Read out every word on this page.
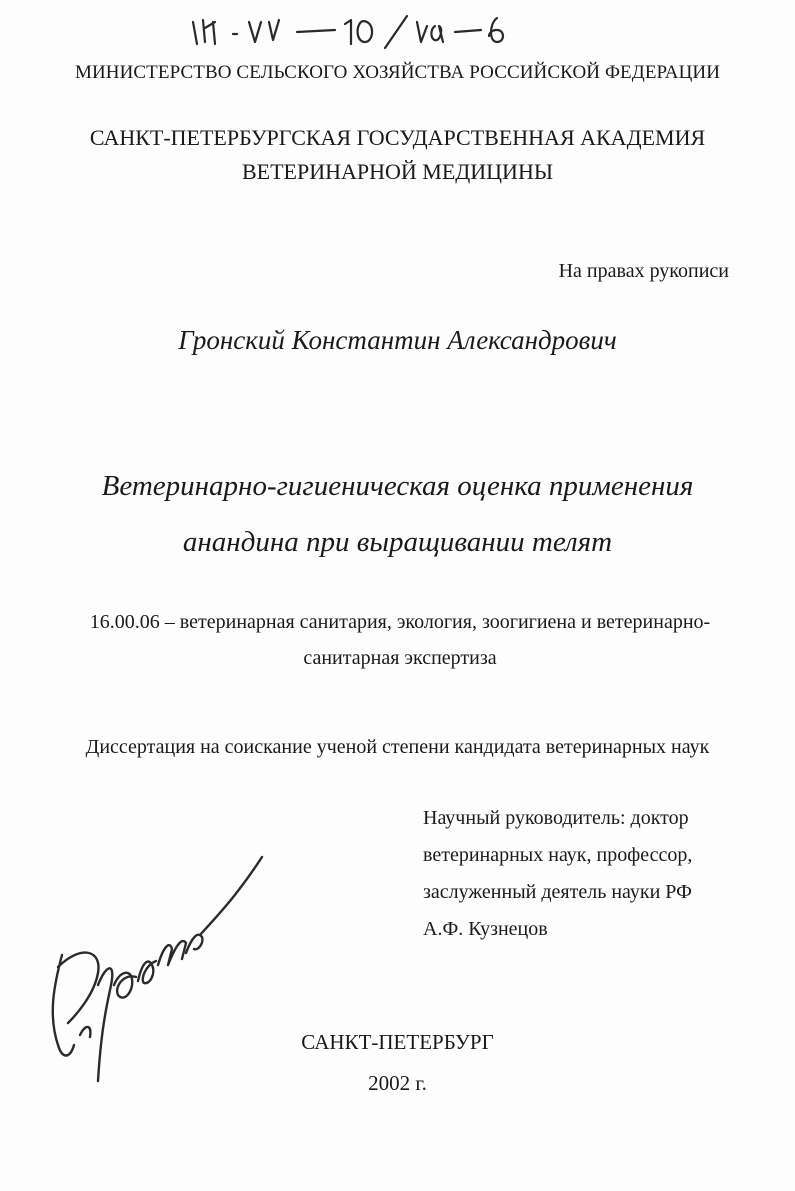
МИНИСТЕРСТВО СЕЛЬСКОГО ХОЗЯЙСТВА РОССИЙСКОЙ ФЕДЕРАЦИИ
САНКТ-ПЕТЕРБУРГСКАЯ ГОСУДАРСТВЕННАЯ АКАДЕМИЯ
ВЕТЕРИНАРНОЙ МЕДИЦИНЫ
На правах рукописи
Гронский Константин Александрович
Ветеринарно-гигиеническая оценка применения
анандина при выращивании телят
16.00.06 – ветеринарная санитария, экология, зоогигиена и ветеринарно-
санитарная экспертиза
Диссертация на соискание ученой степени кандидата ветеринарных наук
Научный руководитель: доктор
ветеринарных наук, профессор,
заслуженный деятель науки РФ
А.Ф. Кузнецов
САНКТ-ПЕТЕРБУРГ
2002 г.
